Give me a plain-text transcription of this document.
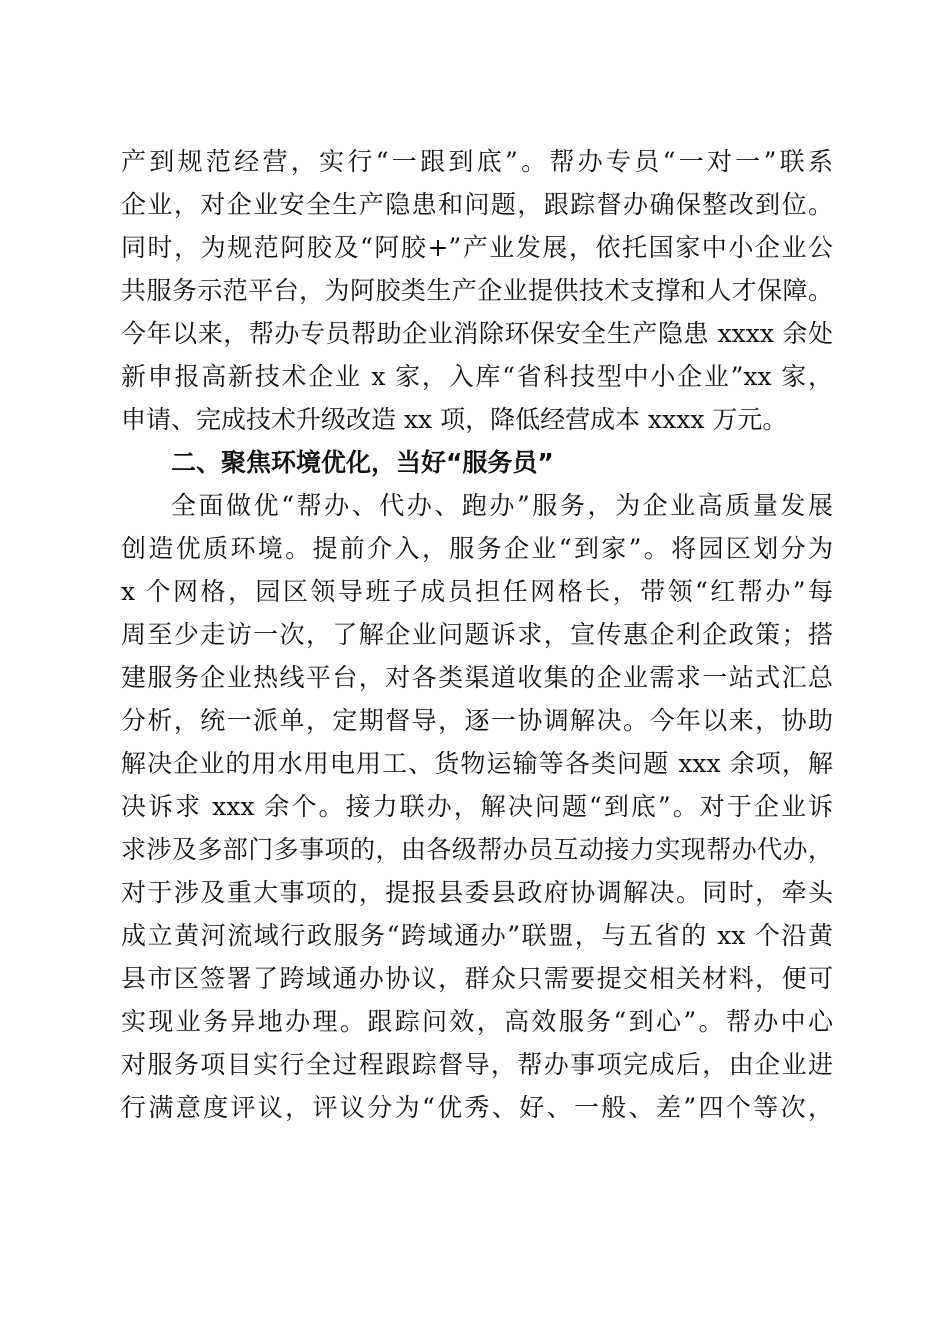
产到规范经营，实行“一跟到底”。帮办专员“一对一”联系
企业，对企业安全生产隐患和问题，跟踪督办确保整改到位。
同时，为规范阿胶及“阿胶+”产业发展，依托国家中小企业公
共服务示范平台，为阿胶类生产企业提供技术支撑和人才保障。
今年以来，帮办专员帮助企业消除环保安全生产隐患 xxxx 余处
新申报高新技术企业 x 家，入库“省科技型中小企业”xx 家，
申请、完成技术升级改造 xx 项，降低经营成本 xxxx 万元。
二、聚焦环境优化，当好“服务员”
全面做优“帮办、代办、跑办”服务，为企业高质量发展
创造优质环境。提前介入，服务企业“到家”。将园区划分为
x 个网格，园区领导班子成员担任网格长，带领“红帮办”每
周至少走访一次，了解企业问题诉求，宣传惠企利企政策；搭
建服务企业热线平台，对各类渠道收集的企业需求一站式汇总
分析，统一派单，定期督导，逐一协调解决。今年以来，协助
解决企业的用水用电用工、货物运输等各类问题 xxx 余项，解
决诉求 xxx 余个。接力联办，解决问题“到底”。对于企业诉
求涉及多部门多事项的，由各级帮办员互动接力实现帮办代办，
对于涉及重大事项的，提报县委县政府协调解决。同时，牵头
成立黄河流域行政服务“跨域通办”联盟，与五省的 xx 个沿黄
县市区签署了跨域通办协议，群众只需要提交相关材料，便可
实现业务异地办理。跟踪问效，高效服务“到心”。帮办中心
对服务项目实行全过程跟踪督导，帮办事项完成后，由企业进
行满意度评议，评议分为“优秀、好、一般、差”四个等次，
